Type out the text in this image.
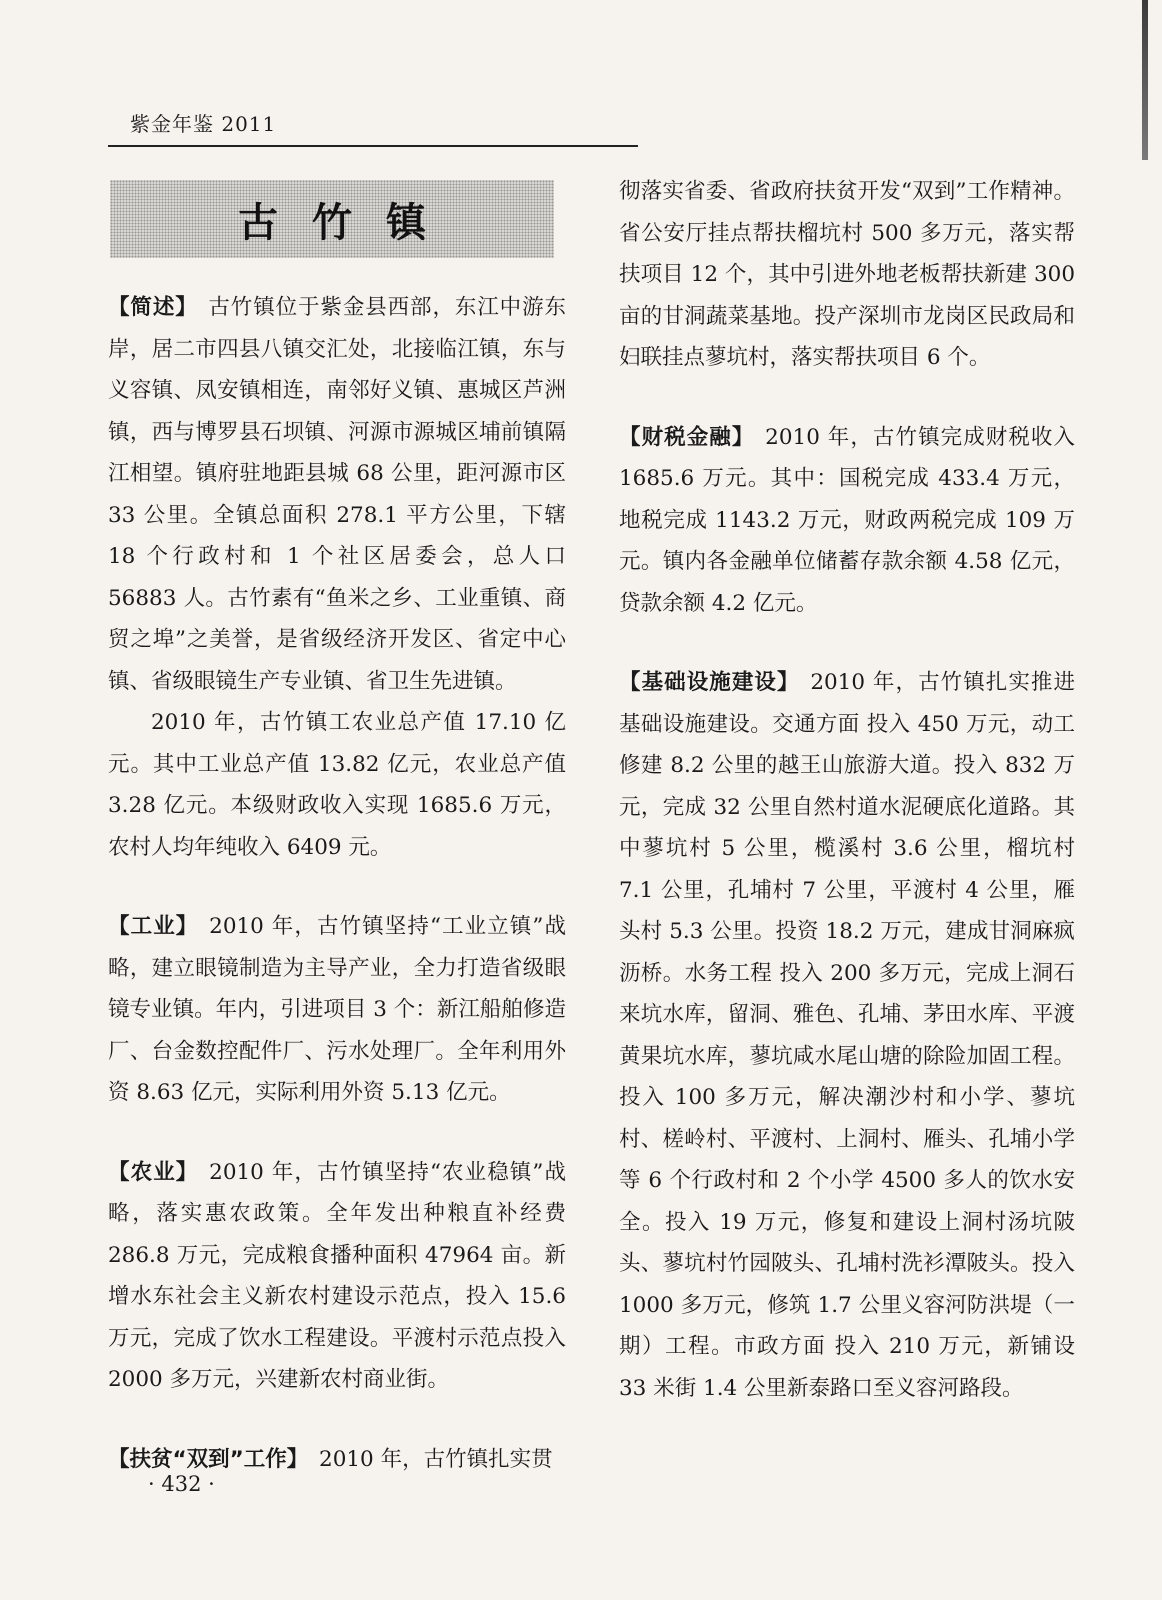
紫金年鉴 2011
古竹镇

【简述】 古竹镇位于紫金县西部，东江中游东岸，居二市四县八镇交汇处，北接临江镇，东与义容镇、凤安镇相连，南邻好义镇、惠城区芦洲镇，西与博罗县石坝镇、河源市源城区埔前镇隔江相望。镇府驻地距县城 68 公里，距河源市区 33 公里。全镇总面积 278.1 平方公里，下辖 18 个行政村和 1 个社区居委会，总人口 56883 人。古竹素有“鱼米之乡、工业重镇、商贸之埠”之美誉，是省级经济开发区、省定中心镇、省级眼镜生产专业镇、省卫生先进镇。

2010 年，古竹镇工农业总产值 17.10 亿元。其中工业总产值 13.82 亿元，农业总产值 3.28 亿元。本级财政收入实现 1685.6 万元，农村人均年纯收入 6409 元。

【工业】 2010 年，古竹镇坚持“工业立镇”战略，建立眼镜制造为主导产业，全力打造省级眼镜专业镇。年内，引进项目 3 个：新江船舶修造厂、台金数控配件厂、污水处理厂。全年利用外资 8.63 亿元，实际利用外资 5.13 亿元。

【农业】 2010 年，古竹镇坚持“农业稳镇”战略，落实惠农政策。全年发出种粮直补经费 286.8 万元，完成粮食播种面积 47964 亩。新增水东社会主义新农村建设示范点，投入 15.6 万元，完成了饮水工程建设。平渡村示范点投入 2000 多万元，兴建新农村商业街。

【扶贫“双到”工作】 2010 年，古竹镇扎实贯

彻落实省委、省政府扶贫开发“双到”工作精神。省公安厅挂点帮扶榴坑村 500 多万元，落实帮扶项目 12 个，其中引进外地老板帮扶新建 300 亩的甘洞蔬菜基地。投产深圳市龙岗区民政局和妇联挂点蓼坑村，落实帮扶项目 6 个。

【财税金融】 2010 年，古竹镇完成财税收入 1685.6 万元。其中：国税完成 433.4 万元，地税完成 1143.2 万元，财政两税完成 109 万元。镇内各金融单位储蓄存款余额 4.58 亿元，贷款余额 4.2 亿元。

【基础设施建设】 2010 年，古竹镇扎实推进基础设施建设。交通方面 投入 450 万元，动工修建 8.2 公里的越王山旅游大道。投入 832 万元，完成 32 公里自然村道水泥硬底化道路。其中蓼坑村 5 公里，榄溪村 3.6 公里，榴坑村 7.1 公里，孔埔村 7 公里，平渡村 4 公里，雁头村 5.3 公里。投资 18.2 万元，建成甘洞麻疯沥桥。水务工程 投入 200 多万元，完成上洞石来坑水库，留洞、雅色、孔埔、茅田水库、平渡黄果坑水库，蓼坑咸水尾山塘的除险加固工程。投入 100 多万元，解决潮沙村和小学、蓼坑村、槎岭村、平渡村、上洞村、雁头、孔埔小学等 6 个行政村和 2 个小学 4500 多人的饮水安全。投入 19 万元，修复和建设上洞村汤坑陂头、蓼坑村竹园陂头、孔埔村洗衫潭陂头。投入 1000 多万元，修筑 1.7 公里义容河防洪堤（一期）工程。市政方面 投入 210 万元，新铺设 33 米街 1.4 公里新泰路口至义容河路段。

· 432 ·
